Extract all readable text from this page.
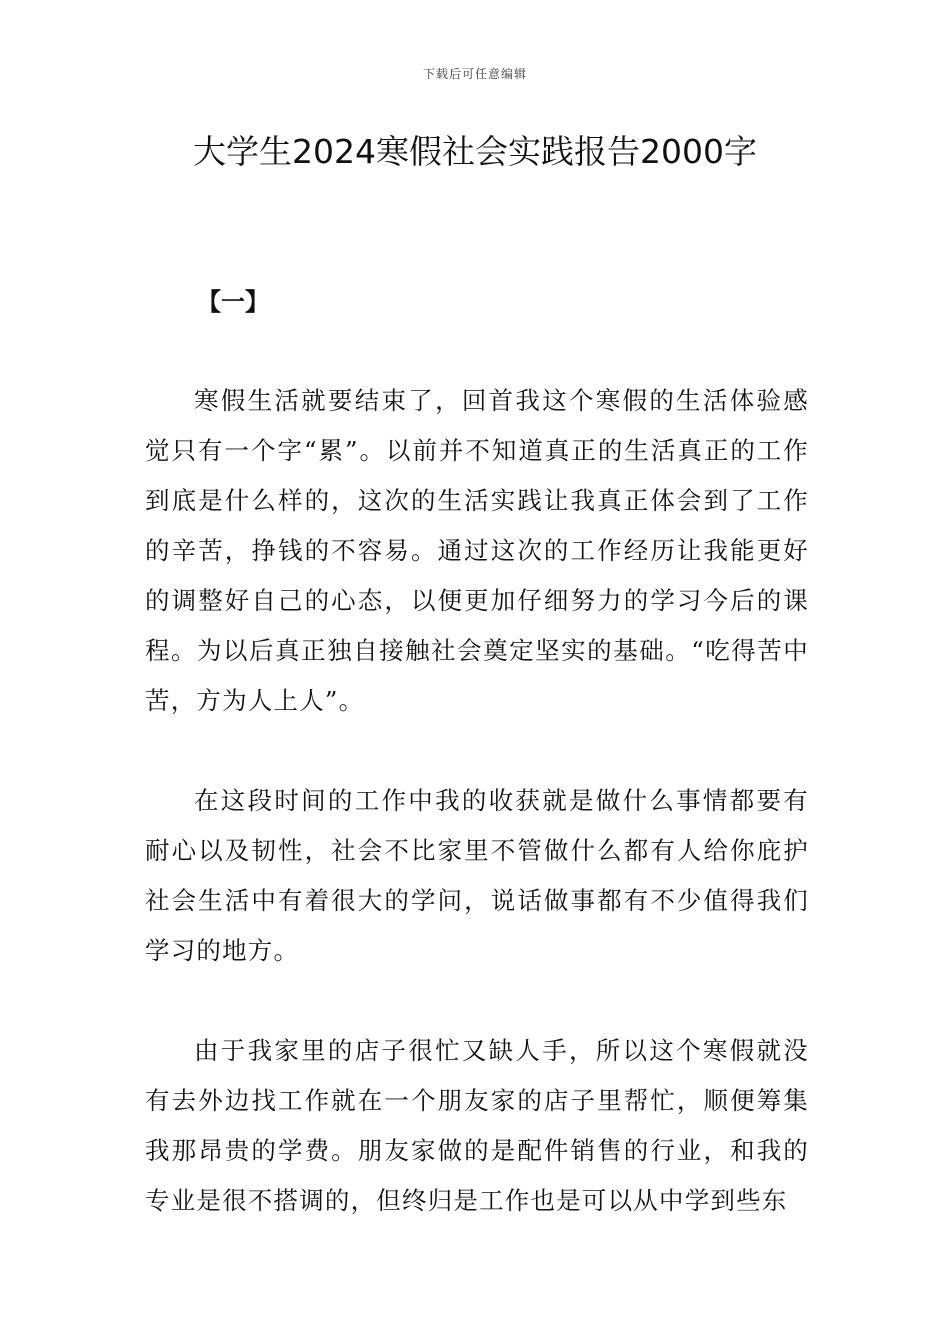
下载后可任意编辑
大学生2024寒假社会实践报告2000字
【一】

寒假生活就要结束了，回首我这个寒假的生活体验感觉只有一个字“累”。以前并不知道真正的生活真正的工作到底是什么样的，这次的生活实践让我真正体会到了工作的辛苦，挣钱的不容易。通过这次的工作经历让我能更好的调整好自己的心态，以便更加仔细努力的学习今后的课程。为以后真正独自接触社会奠定坚实的基础。“吃得苦中苦，方为人上人”。

在这段时间的工作中我的收获就是做什么事情都要有耐心以及韧性，社会不比家里不管做什么都有人给你庇护社会生活中有着很大的学问，说话做事都有不少值得我们学习的地方。

由于我家里的店子很忙又缺人手，所以这个寒假就没有去外边找工作就在一个朋友家的店子里帮忙，顺便筹集我那昂贵的学费。朋友家做的是配件销售的行业，和我的专业是很不搭调的，但终归是工作也是可以从中学到些东
